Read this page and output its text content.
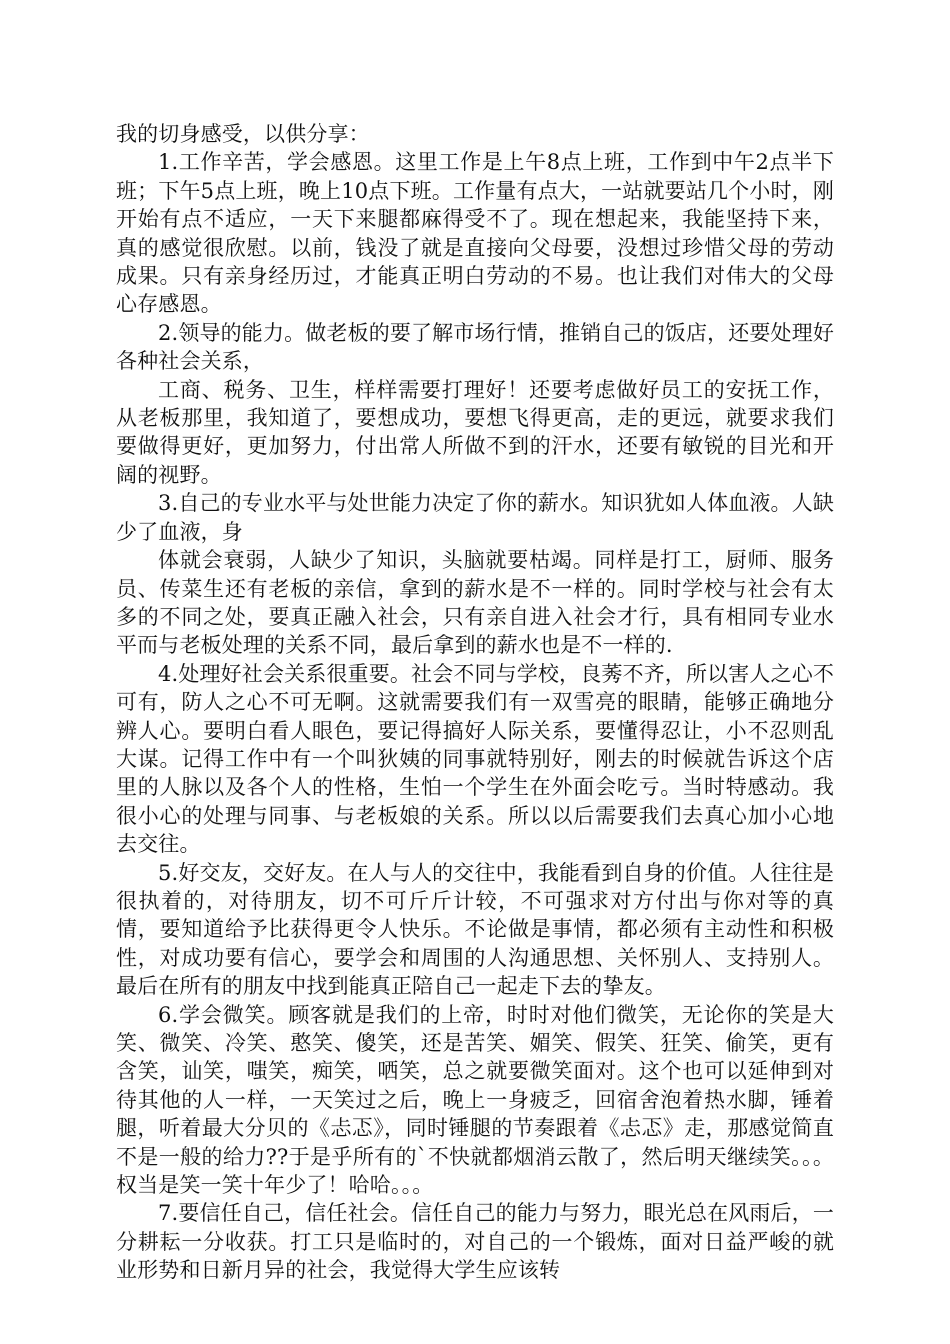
我的切身感受，以供分享：

1.工作辛苦，学会感恩。这里工作是上午8点上班，工作到中午2点半下班；下午5点上班，晚上10点下班。工作量有点大，一站就要站几个小时，刚开始有点不适应，一天下来腿都麻得受不了。现在想起来，我能坚持下来，真的感觉很欣慰。以前，钱没了就是直接向父母要，没想过珍惜父母的劳动成果。只有亲身经历过，才能真正明白劳动的不易。也让我们对伟大的父母心存感恩。

2.领导的能力。做老板的要了解市场行情，推销自己的饭店，还要处理好各种社会关系，

工商、税务、卫生，样样需要打理好！还要考虑做好员工的安抚工作，从老板那里，我知道了，要想成功，要想飞得更高，走的更远，就要求我们要做得更好，更加努力，付出常人所做不到的汗水，还要有敏锐的目光和开阔的视野。

3.自己的专业水平与处世能力决定了你的薪水。知识犹如人体血液。人缺少了血液，身

体就会衰弱，人缺少了知识，头脑就要枯竭。同样是打工，厨师、服务员、传菜生还有老板的亲信，拿到的薪水是不一样的。同时学校与社会有太多的不同之处，要真正融入社会，只有亲自进入社会才行，具有相同专业水平而与老板处理的关系不同，最后拿到的薪水也是不一样的.

4.处理好社会关系很重要。社会不同与学校，良莠不齐，所以害人之心不可有，防人之心不可无啊。这就需要我们有一双雪亮的眼睛，能够正确地分辨人心。要明白看人眼色，要记得搞好人际关系，要懂得忍让，小不忍则乱大谋。记得工作中有一个叫狄姨的同事就特别好，刚去的时候就告诉这个店里的人脉以及各个人的性格，生怕一个学生在外面会吃亏。当时特感动。我很小心的处理与同事、与老板娘的关系。所以以后需要我们去真心加小心地去交往。

5.好交友，交好友。在人与人的交往中，我能看到自身的价值。人往往是很执着的，对待朋友，切不可斤斤计较，不可强求对方付出与你对等的真情，要知道给予比获得更令人快乐。不论做是事情，都必须有主动性和积极性，对成功要有信心，要学会和周围的人沟通思想、关怀别人、支持别人。最后在所有的朋友中找到能真正陪自己一起走下去的挚友。

6.学会微笑。顾客就是我们的上帝，时时对他们微笑，无论你的笑是大笑、微笑、冷笑、憨笑、傻笑，还是苦笑、媚笑、假笑、狂笑、偷笑，更有含笑，讪笑，嗤笑，痴笑，哂笑，总之就要微笑面对。这个也可以延伸到对待其他的人一样，一天笑过之后，晚上一身疲乏，回宿舍泡着热水脚，锤着腿，听着最大分贝的《忐忑》，同时锤腿的节奏跟着《忐忑》走，那感觉简直不是一般的给力??于是乎所有的`不快就都烟消云散了，然后明天继续笑。。。权当是笑一笑十年少了！哈哈。。。

7.要信任自己，信任社会。信任自己的能力与努力，眼光总在风雨后，一分耕耘一分收获。打工只是临时的，对自己的一个锻炼，面对日益严峻的就业形势和日新月异的社会，我觉得大学生应该转
